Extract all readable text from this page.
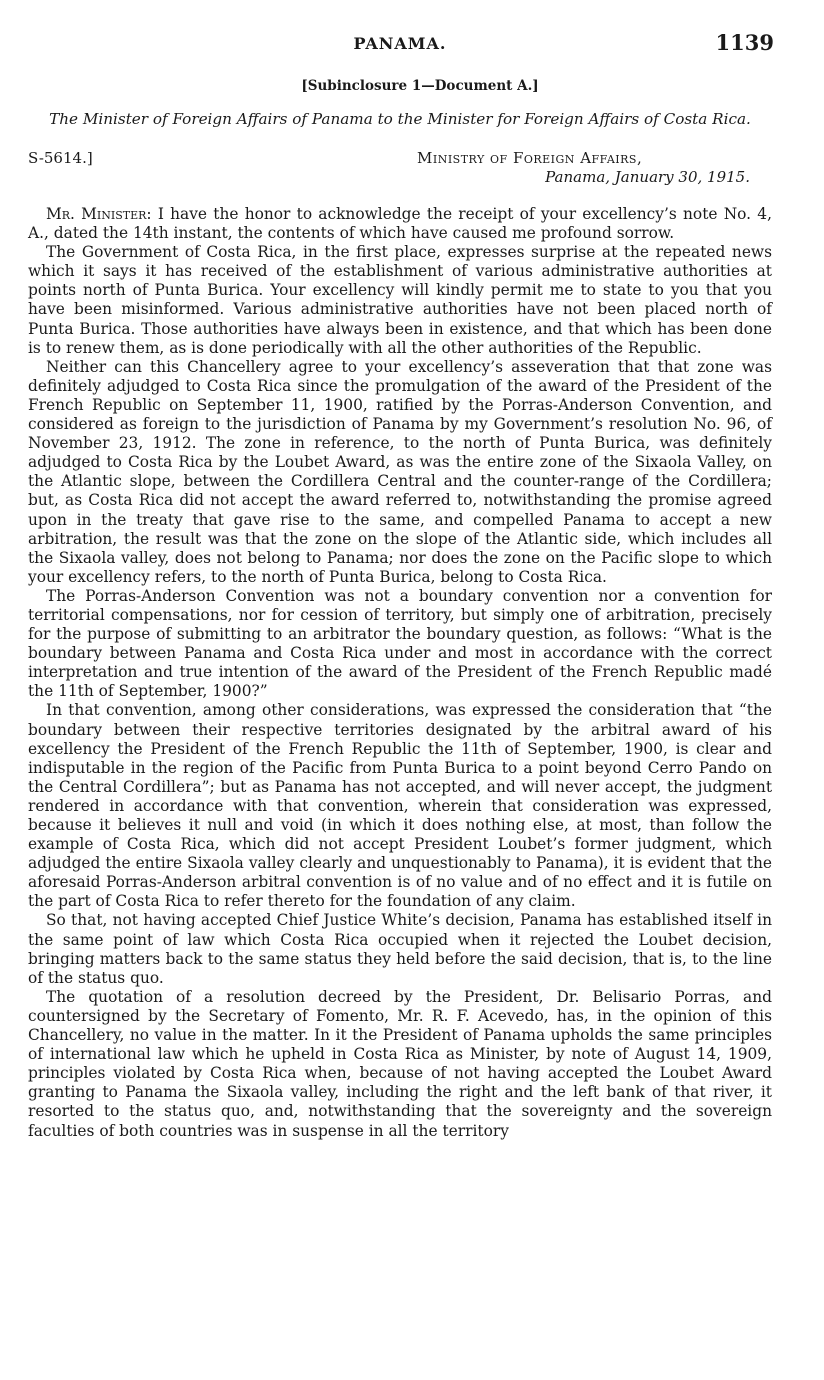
PANAMA.	1139
[Subinclosure 1—Document A.]
The Minister of Foreign Affairs of Panama to the Minister for Foreign Affairs of Costa Rica.
S-5614.]	Ministry of Foreign Affairs,
Panama, January 30, 1915.

Mr. Minister: I have the honor to acknowledge the receipt of your excellency’s note No. 4, A., dated the 14th instant, the contents of which have caused me profound sorrow.

The Government of Costa Rica, in the first place, expresses surprise at the repeated news which it says it has received of the establishment of various administrative authorities at points north of Punta Burica. Your excellency will kindly permit me to state to you that you have been misinformed. Various administrative authorities have not been placed north of Punta Burica. Those authorities have always been in existence, and that which has been done is to renew them, as is done periodically with all the other authorities of the Republic.

Neither can this Chancellery agree to your excellency’s asseveration that that zone was definitely adjudged to Costa Rica since the promulgation of the award of the President of the French Republic on September 11, 1900, ratified by the Porras-Anderson Convention, and considered as foreign to the jurisdiction of Panama by my Government’s resolution No. 96, of November 23, 1912. The zone in reference, to the north of Punta Burica, was definitely adjudged to Costa Rica by the Loubet Award, as was the entire zone of the Sixaola Valley, on the Atlantic slope, between the Cordillera Central and the counter-range of the Cordillera; but, as Costa Rica did not accept the award referred to, notwithstanding the promise agreed upon in the treaty that gave rise to the same, and compelled Panama to accept a new arbitration, the result was that the zone on the slope of the Atlantic side, which includes all the Sixaola valley, does not belong to Panama; nor does the zone on the Pacific slope to which your excellency refers, to the north of Punta Burica, belong to Costa Rica.

The Porras-Anderson Convention was not a boundary convention nor a convention for territorial compensations, nor for cession of territory, but simply one of arbitration, precisely for the purpose of submitting to an arbitrator the boundary question, as follows: “What is the boundary between Panama and Costa Rica under and most in accordance with the correct interpretation and true intention of the award of the President of the French Republic madé the 11th of September, 1900?”

In that convention, among other considerations, was expressed the consideration that “the boundary between their respective territories designated by the arbitral award of his excellency the President of the French Republic the 11th of September, 1900, is clear and indisputable in the region of the Pacific from Punta Burica to a point beyond Cerro Pando on the Central Cordillera”; but as Panama has not accepted, and will never accept, the judgment rendered in accordance with that convention, wherein that consideration was expressed, because it believes it null and void (in which it does nothing else, at most, than follow the example of Costa Rica, which did not accept President Loubet’s former judgment, which adjudged the entire Sixaola valley clearly and unquestionably to Panama), it is evident that the aforesaid Porras-Anderson arbitral convention is of no value and of no effect and it is futile on the part of Costa Rica to refer thereto for the foundation of any claim.

So that, not having accepted Chief Justice White’s decision, Panama has established itself in the same point of law which Costa Rica occupied when it rejected the Loubet decision, bringing matters back to the same status they held before the said decision, that is, to the line of the status quo.

The quotation of a resolution decreed by the President, Dr. Belisario Porras, and countersigned by the Secretary of Fomento, Mr. R. F. Acevedo, has, in the opinion of this Chancellery, no value in the matter. In it the President of Panama upholds the same principles of international law which he upheld in Costa Rica as Minister, by note of August 14, 1909, principles violated by Costa Rica when, because of not having accepted the Loubet Award granting to Panama the Sixaola valley, including the right and the left bank of that river, it resorted to the status quo, and, notwithstanding that the sovereignty and the sovereign faculties of both countries was in suspense in all the territory
